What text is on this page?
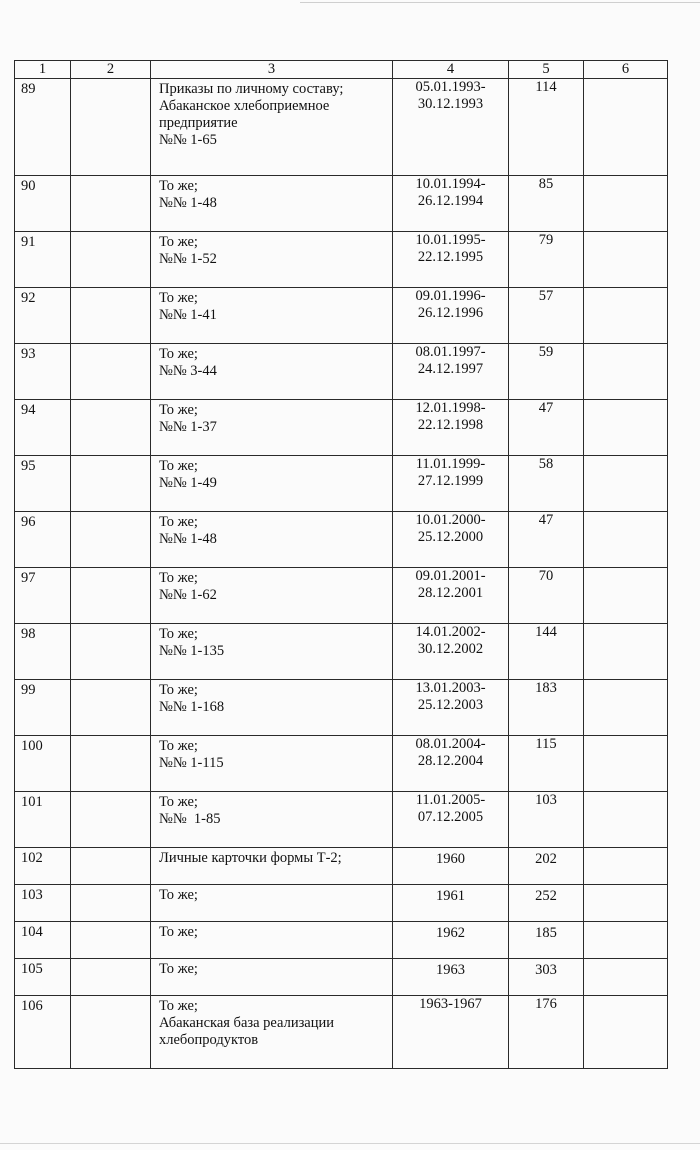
1	2	3	4	5	6

89		Приказы по личному составу;
Абаканское хлебоприемное
предприятие
№№ 1-65	05.01.1993-
30.12.1993	114	

90		То же;
№№ 1-48	10.01.1994-
26.12.1994	85	

91		То же;
№№ 1-52	10.01.1995-
22.12.1995	79	

92		То же;
№№ 1-41	09.01.1996-
26.12.1996	57	

93		То же;
№№ 3-44	08.01.1997-
24.12.1997	59	

94		То же;
№№ 1-37	12.01.1998-
22.12.1998	47	

95		То же;
№№ 1-49	11.01.1999-
27.12.1999	58	

96		То же;
№№ 1-48	10.01.2000-
25.12.2000	47	

97		То же;
№№ 1-62	09.01.2001-
28.12.2001	70	

98		То же;
№№ 1-135	14.01.2002-
30.12.2002	144	

99		То же;
№№ 1-168	13.01.2003-
25.12.2003	183	

100		То же;
№№ 1-115	08.01.2004-
28.12.2004	115	

101		То же;
№№  1-85	11.01.2005-
07.12.2005	103	

102		Личные карточки формы Т-2;	1960	202	

103		То же;	1961	252	

104		То же;	1962	185	

105		То же;	1963	303	

106		То же;
Абаканская база реализации
хлебопродуктов	1963-1967	176	
